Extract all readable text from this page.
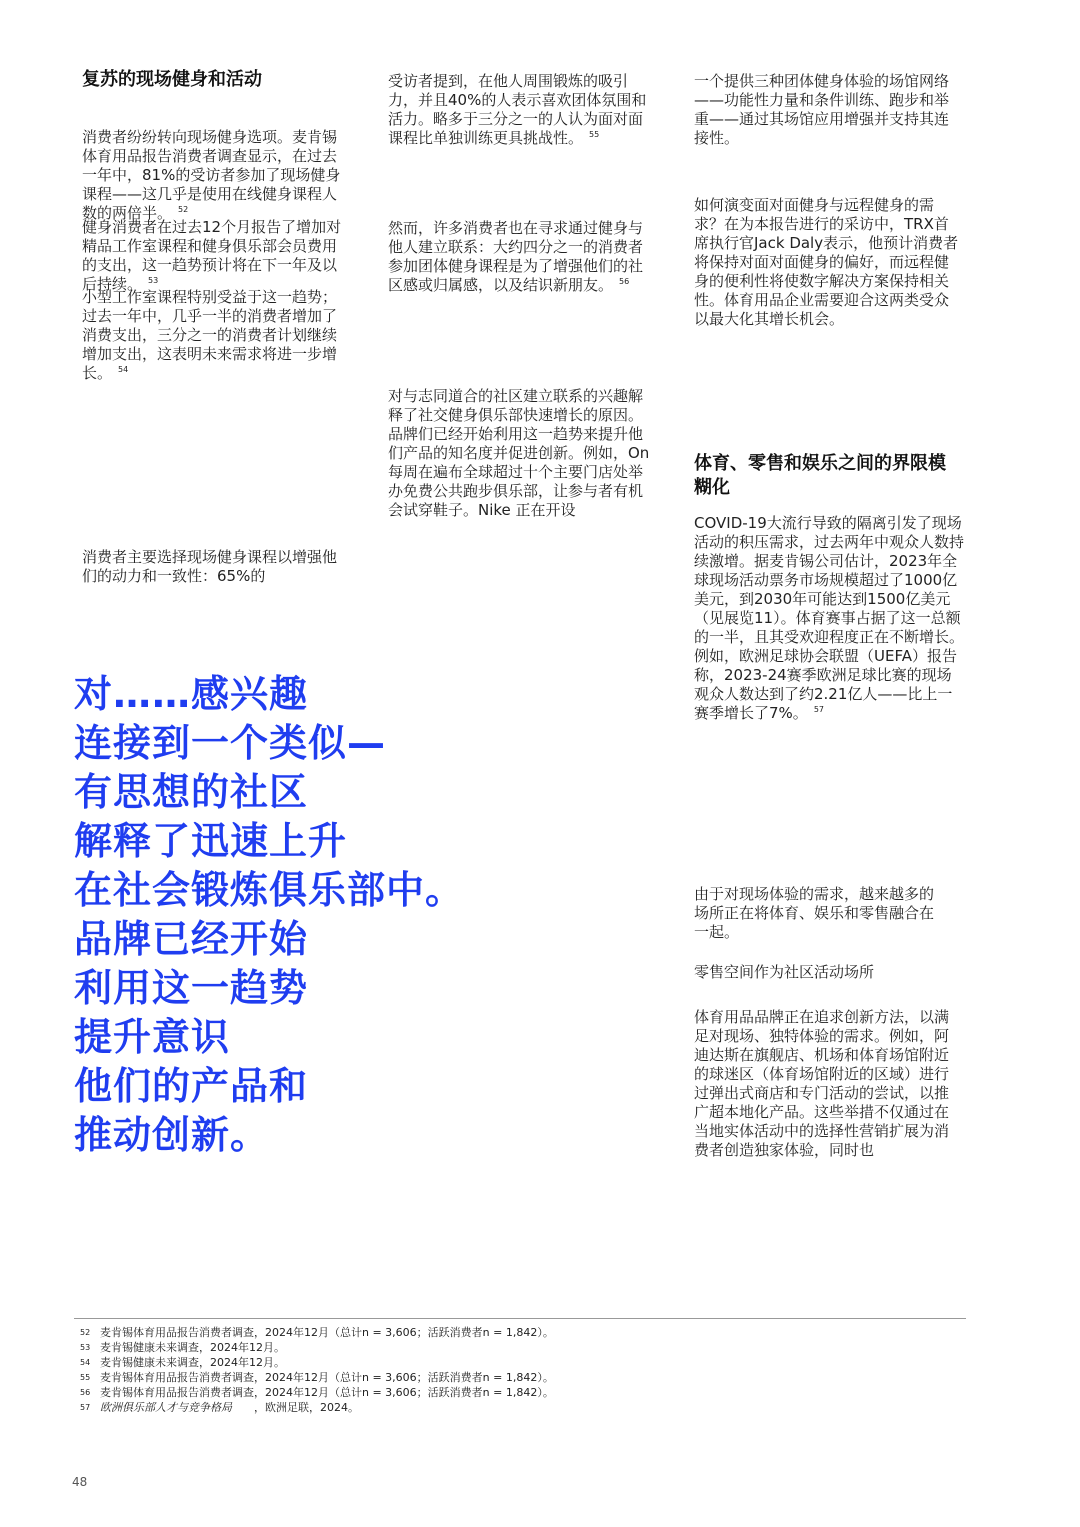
复苏的现场健身和活动

消费者纷纷转向现场健身选项。麦肯锡体育用品报告消费者调查显示，在过去一年中，81%的受访者参加了现场健身课程——这几乎是使用在线健身课程人数的两倍半。 $^{52}$

健身消费者在过去12个月报告了增加对精品工作室课程和健身俱乐部会员费用的支出，这一趋势预计将在下一年及以后持续。 $^{53}$

小型工作室课程特别受益于这一趋势；过去一年中，几乎一半的消费者增加了消费支出，三分之一的消费者计划继续增加支出，这表明未来需求将进一步增长。 $^{54}$

消费者主要选择现场健身课程以增强他们的动力和一致性：65%的

受访者提到，在他人周围锻炼的吸引力，并且40%的人表示喜欢团体氛围和活力。略多于三分之一的人认为面对面课程比单独训练更具挑战性。 $^{55}$

然而，许多消费者也在寻求通过健身与他人建立联系：大约四分之一的消费者参加团体健身课程是为了增强他们的社区感或归属感，以及结识新朋友。 $^{56}$

对与志同道合的社区建立联系的兴趣解释了社交健身俱乐部快速增长的原因。品牌们已经开始利用这一趋势来提升他们产品的知名度并促进创新。例如，On 每周在遍布全球超过十个主要门店处举办免费公共跑步俱乐部，让参与者有机会试穿鞋子。Nike 正在开设

一个提供三种团体健身体验的场馆网络——功能性力量和条件训练、跑步和举重——通过其场馆应用增强并支持其连接性。

如何演变面对面健身与远程健身的需求？在为本报告进行的采访中，TRX首席执行官Jack Daly表示，他预计消费者将保持对面对面健身的偏好，而远程健身的便利性将使数字解决方案保持相关性。体育用品企业需要迎合这两类受众以最大化其增长机会。

体育、零售和娱乐之间的界限模糊化

COVID-19大流行导致的隔离引发了现场活动的积压需求，过去两年中观众人数持续激增。据麦肯锡公司估计，2023年全球现场活动票务市场规模超过了1000亿美元，到2030年可能达到1500亿美元（见展览11）。体育赛事占据了这一总额的一半，且其受欢迎程度正在不断增长。例如，欧洲足球协会联盟（UEFA）报告称，2023-24赛季欧洲足球比赛的现场观众人数达到了约2.21亿人——比上一赛季增长了7%。 $^{57}$

由于对现场体验的需求，越来越多的场所正在将体育、娱乐和零售融合在一起。

零售空间作为社区活动场所

体育用品品牌正在追求创新方法，以满足对现场、独特体验的需求。例如，阿迪达斯在旗舰店、机场和体育场馆附近的球迷区（体育场馆附近的区域）进行过弹出式商店和专门活动的尝试，以推广超本地化产品。这些举措不仅通过在当地实体活动中的选择性营销扩展为消费者创造独家体验，同时也

对……感兴趣
连接到一个类似—
有思想的社区
解释了迅速上升
在社会锻炼俱乐部中。
品牌已经开始
利用这一趋势
提升意识
他们的产品和
推动创新。
52 麦肯锡体育用品报告消费者调查，2024年12月（总计n = 3,606；活跃消费者n = 1,842）。
53 麦肯锡健康未来调查，2024年12月。
54 麦肯锡健康未来调查，2024年12月。
55 麦肯锡体育用品报告消费者调查，2024年12月（总计n = 3,606；活跃消费者n = 1,842）。
56 麦肯锡体育用品报告消费者调查，2024年12月（总计n = 3,606；活跃消费者n = 1,842）。
57 欧洲俱乐部人才与竞争格局 ，欧洲足联，2024。
48
